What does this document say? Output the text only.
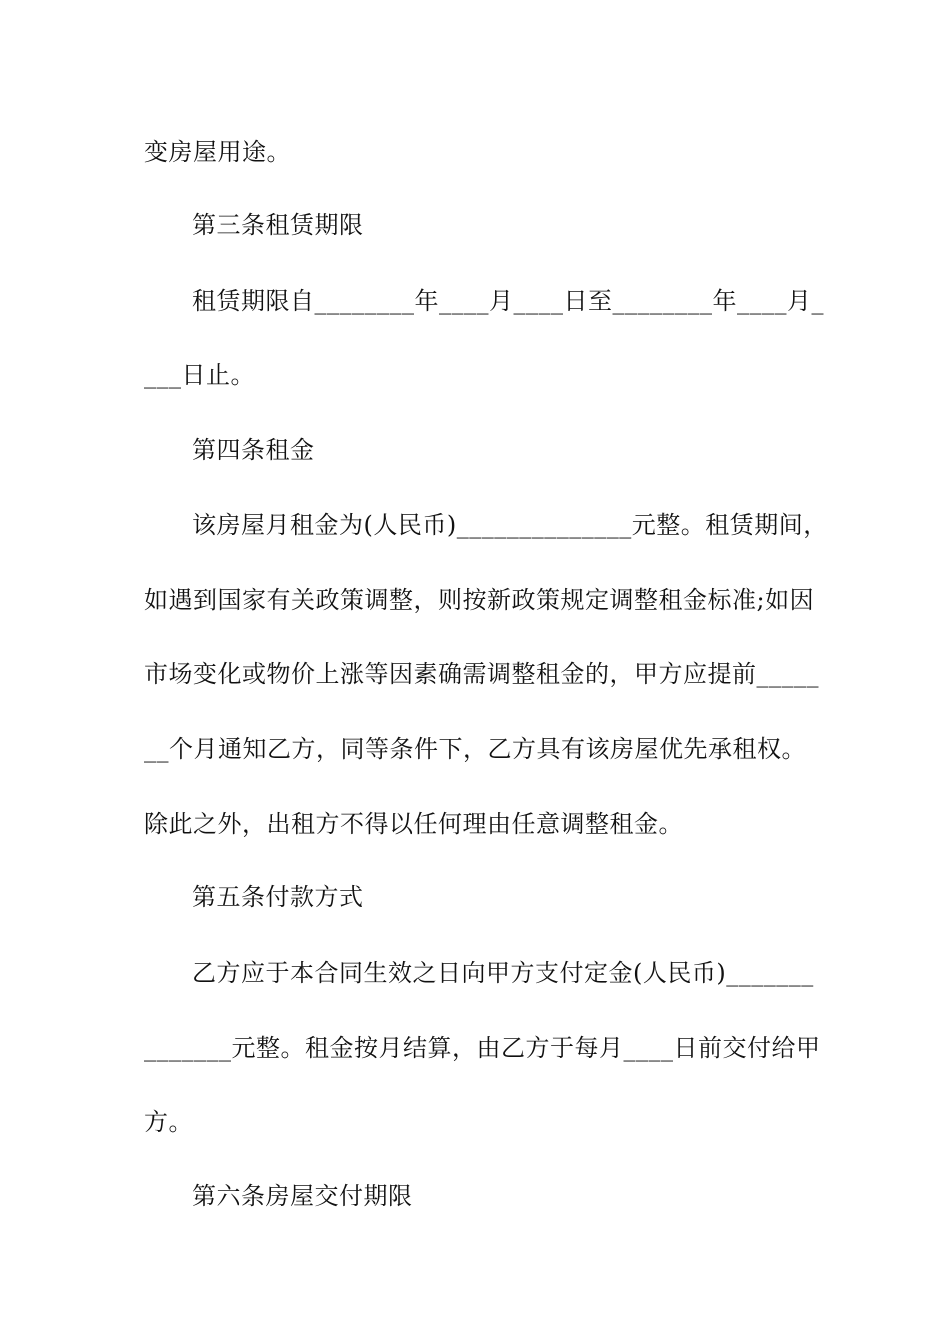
变房屋用途。
第三条租赁期限
租赁期限自________年____月____日至________年____月_
___日止。
第四条租金
该房屋月租金为(人民币)______________元整。租赁期间，
如遇到国家有关政策调整，则按新政策规定调整租金标准;如因
市场变化或物价上涨等因素确需调整租金的，甲方应提前_____
__个月通知乙方，同等条件下，乙方具有该房屋优先承租权。
除此之外，出租方不得以任何理由任意调整租金。
第五条付款方式
乙方应于本合同生效之日向甲方支付定金(人民币)_______
_______元整。租金按月结算，由乙方于每月____日前交付给甲
方。
第六条房屋交付期限
